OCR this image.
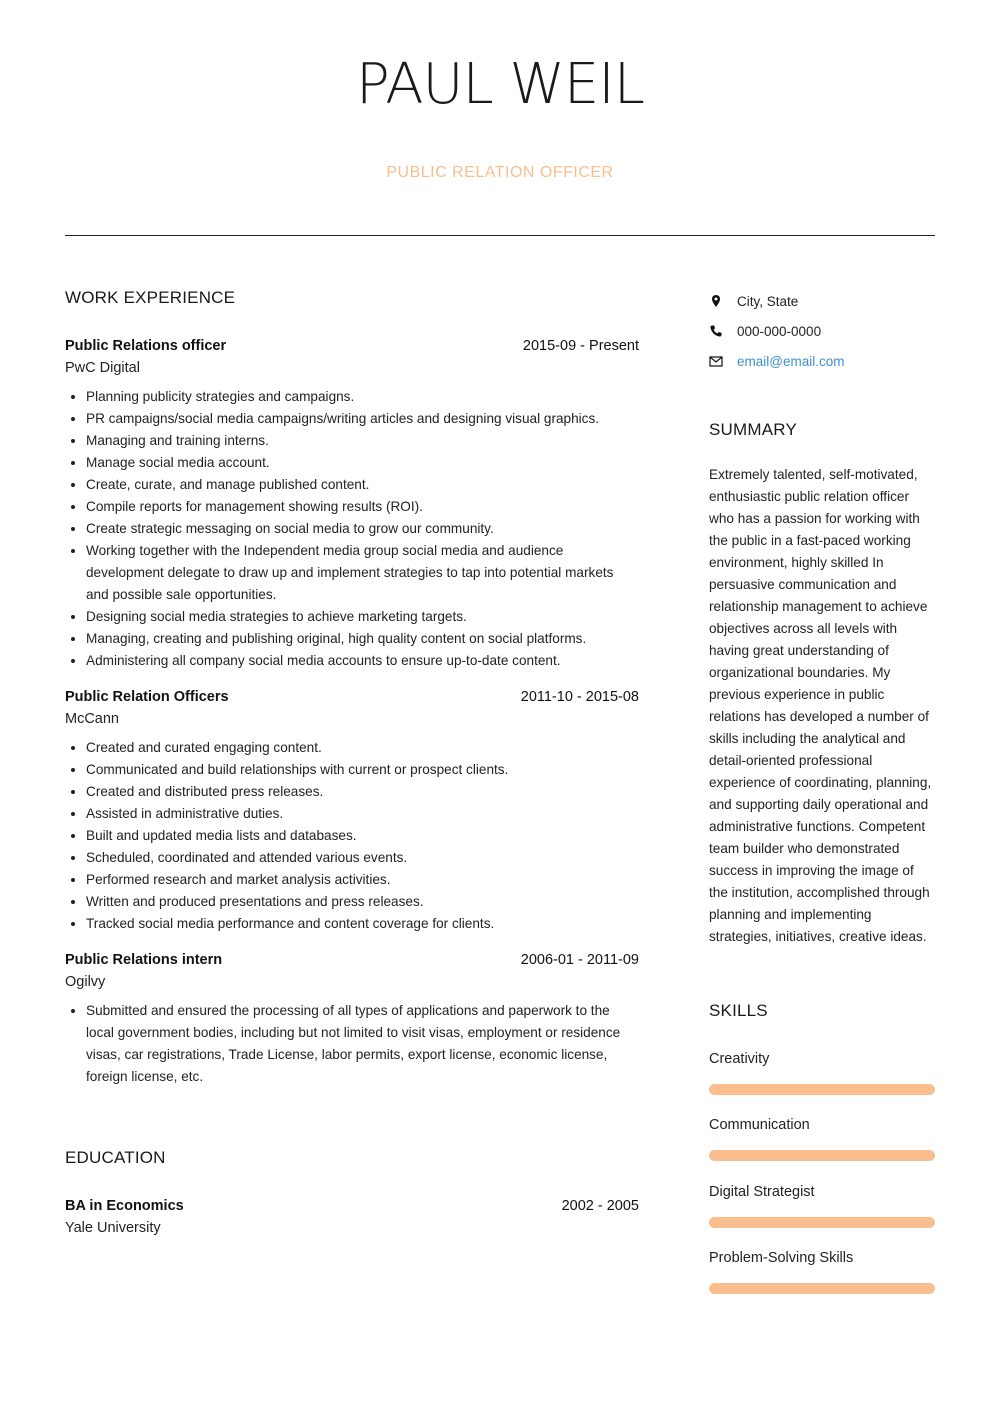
PAUL WEIL
PUBLIC RELATION OFFICER
WORK EXPERIENCE
Public Relations officer	2015-09 - Present
PwC Digital
• Planning publicity strategies and campaigns.
• PR campaigns/social media campaigns/writing articles and designing visual graphics.
• Managing and training interns.
• Manage social media account.
• Create, curate, and manage published content.
• Compile reports for management showing results (ROI).
• Create strategic messaging on social media to grow our community.
• Working together with the Independent media group social media and audience development delegate to draw up and implement strategies to tap into potential markets and possible sale opportunities.
• Designing social media strategies to achieve marketing targets.
• Managing, creating and publishing original, high quality content on social platforms.
• Administering all company social media accounts to ensure up-to-date content.
Public Relation Officers	2011-10 - 2015-08
McCann
• Created and curated engaging content.
• Communicated and build relationships with current or prospect clients.
• Created and distributed press releases.
• Assisted in administrative duties.
• Built and updated media lists and databases.
• Scheduled, coordinated and attended various events.
• Performed research and market analysis activities.
• Written and produced presentations and press releases.
• Tracked social media performance and content coverage for clients.
Public Relations intern	2006-01 - 2011-09
Ogilvy
• Submitted and ensured the processing of all types of applications and paperwork to the local government bodies, including but not limited to visit visas, employment or residence visas, car registrations, Trade License, labor permits, export license, economic license, foreign license, etc.
EDUCATION
BA in Economics	2002 - 2005
Yale University
City, State
000-000-0000
email@email.com
SUMMARY
Extremely talented, self-motivated, enthusiastic public relation officer who has a passion for working with the public in a fast-paced working environment, highly skilled In persuasive communication and relationship management to achieve objectives across all levels with having great understanding of organizational boundaries. My previous experience in public relations has developed a number of skills including the analytical and detail-oriented professional experience of coordinating, planning, and supporting daily operational and administrative functions. Competent team builder who demonstrated success in improving the image of the institution, accomplished through planning and implementing strategies, initiatives, creative ideas.
SKILLS
Creativity
Communication
Digital Strategist
Problem-Solving Skills
